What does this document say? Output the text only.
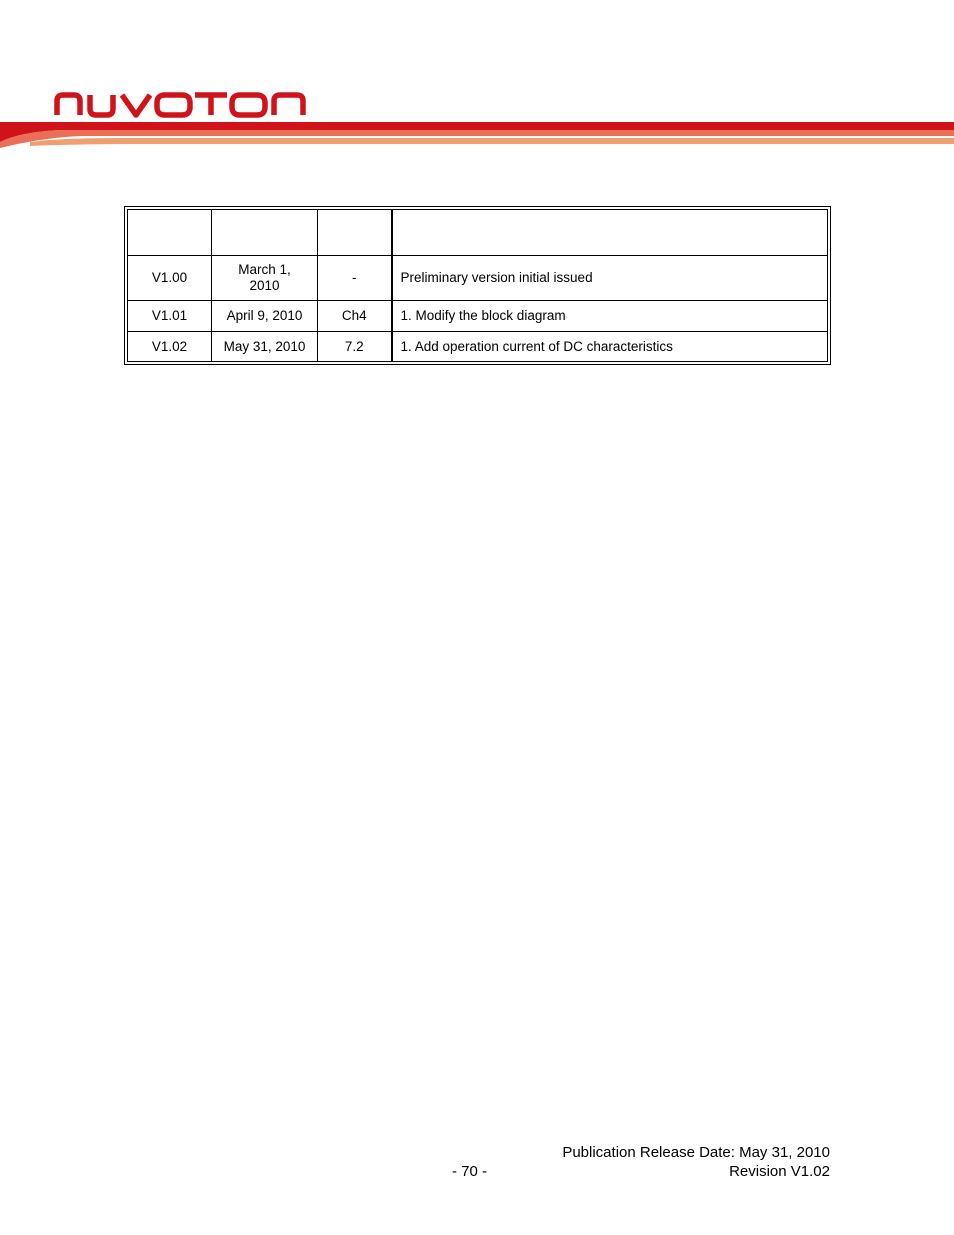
V1.00	March 1, 2010	-	Preliminary version initial issued
V1.01	April 9, 2010	Ch4	1. Modify the block diagram
V1.02	May 31, 2010	7.2	1. Add operation current of DC characteristics
Publication Release Date: May 31, 2010
- 70 -	Revision V1.02
